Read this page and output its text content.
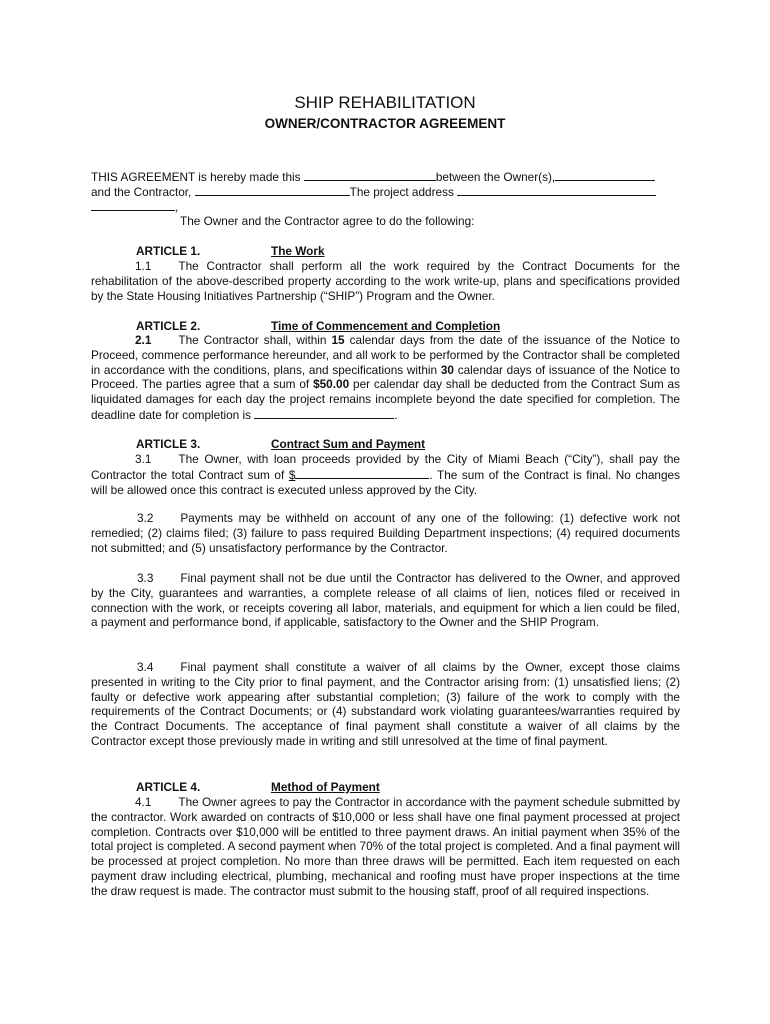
SHIP REHABILITATION
OWNER/CONTRACTOR AGREEMENT
THIS AGREEMENT is hereby made this	between the Owner(s),
and the Contractor,	The project address
,
The Owner and the Contractor agree to do the following:
ARTICLE 1.	The Work

1.1 The Contractor shall perform all the work required by the Contract Documents for the rehabilitation of the above-described property according to the work write-up, plans and specifications provided by the State Housing Initiatives Partnership (“SHIP”) Program and the Owner.

ARTICLE 2.	Time of Commencement and Completion

2.1 The Contractor shall, within 15 calendar days from the date of the issuance of the Notice to Proceed, commence performance hereunder, and all work to be performed by the Contractor shall be completed in accordance with the conditions, plans, and specifications within 30 calendar days of issuance of the Notice to Proceed. The parties agree that a sum of $50.00 per calendar day shall be deducted from the Contract Sum as liquidated damages for each day the project remains incomplete beyond the date specified for completion. The deadline date for completion is	.

ARTICLE 3.	Contract Sum and Payment

3.1 The Owner, with loan proceeds provided by the City of Miami Beach (“City”), shall pay the Contractor the total Contract sum of $	. The sum of the Contract is final. No changes will be allowed once this contract is executed unless approved by the City.

3.2 Payments may be withheld on account of any one of the following: (1) defective work not remedied; (2) claims filed; (3) failure to pass required Building Department inspections; (4) required documents not submitted; and (5) unsatisfactory performance by the Contractor.

3.3 Final payment shall not be due until the Contractor has delivered to the Owner, and approved by the City, guarantees and warranties, a complete release of all claims of lien, notices filed or received in connection with the work, or receipts covering all labor, materials, and equipment for which a lien could be filed, a payment and performance bond, if applicable, satisfactory to the Owner and the SHIP Program.

3.4 Final payment shall constitute a waiver of all claims by the Owner, except those claims presented in writing to the City prior to final payment, and the Contractor arising from: (1) unsatisfied liens; (2) faulty or defective work appearing after substantial completion; (3) failure of the work to comply with the requirements of the Contract Documents; or (4) substandard work violating guarantees/warranties required by the Contract Documents. The acceptance of final payment shall constitute a waiver of all claims by the Contractor except those previously made in writing and still unresolved at the time of final payment.

ARTICLE 4.	Method of Payment

4.1 The Owner agrees to pay the Contractor in accordance with the payment schedule submitted by the contractor. Work awarded on contracts of $10,000 or less shall have one final payment processed at project completion. Contracts over $10,000 will be entitled to three payment draws. An initial payment when 35% of the total project is completed. A second payment when 70% of the total project is completed. And a final payment will be processed at project completion. No more than three draws will be permitted. Each item requested on each payment draw including electrical, plumbing, mechanical and roofing must have proper inspections at the time the draw request is made. The contractor must submit to the housing staff, proof of all required inspections.
